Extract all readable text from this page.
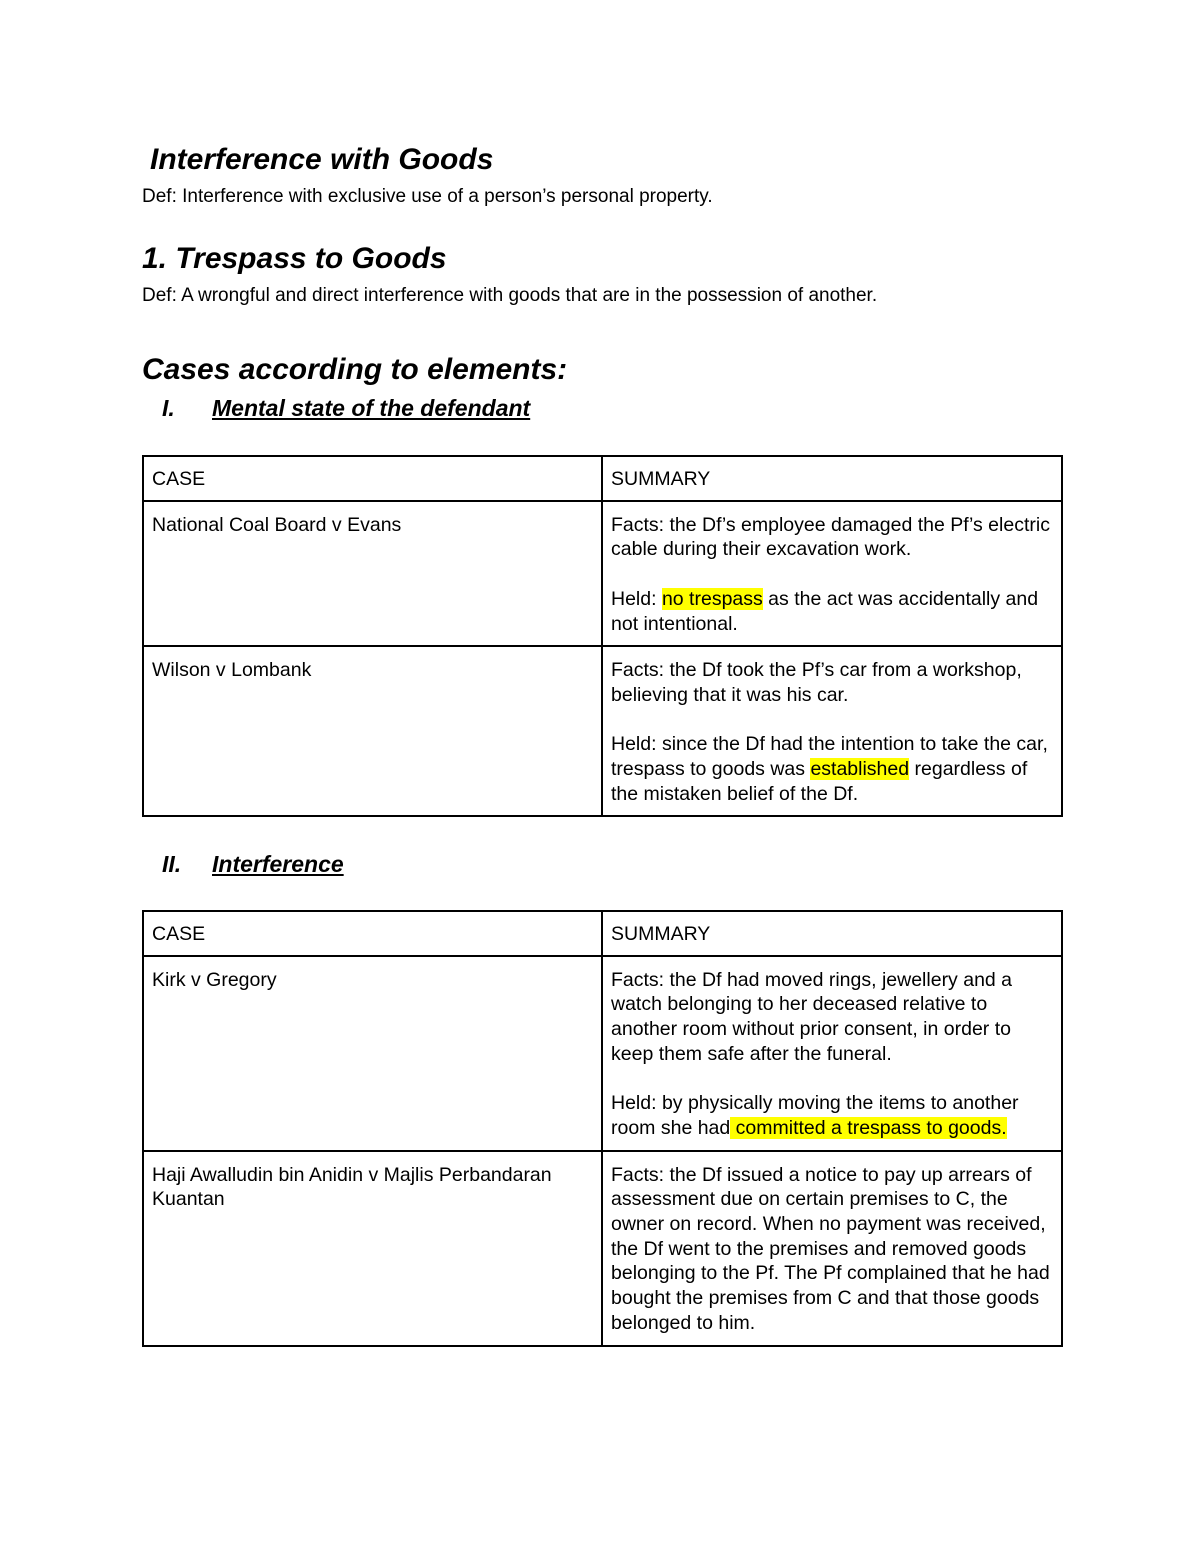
Interference with Goods

Def: Interference with exclusive use of a person’s personal property.

1. Trespass to Goods

Def: A wrongful and direct interference with goods that are in the possession of another.

Cases according to elements:
I. Mental state of the defendant
CASE	SUMMARY
National Coal Board v Evans	Facts: the Df’s employee damaged the Pf’s electric cable during their excavation work.

Held: no trespass as the act was accidentally and not intentional.

Wilson v Lombank	Facts: the Df took the Pf’s car from a workshop, believing that it was his car.

Held: since the Df had the intention to take the car, trespass to goods was established regardless of the mistaken belief of the Df.

II. Interference
CASE	SUMMARY
Kirk v Gregory	Facts: the Df had moved rings, jewellery and a watch belonging to her deceased relative to another room without prior consent, in order to keep them safe after the funeral.

Held: by physically moving the items to another room she had committed a trespass to goods.

Haji Awalludin bin Anidin v Majlis Perbandaran Kuantan	Facts: the Df issued a notice to pay up arrears of assessment due on certain premises to C, the owner on record. When no payment was received, the Df went to the premises and removed goods belonging to the Pf. The Pf complained that he had bought the premises from C and that those goods belonged to him.
